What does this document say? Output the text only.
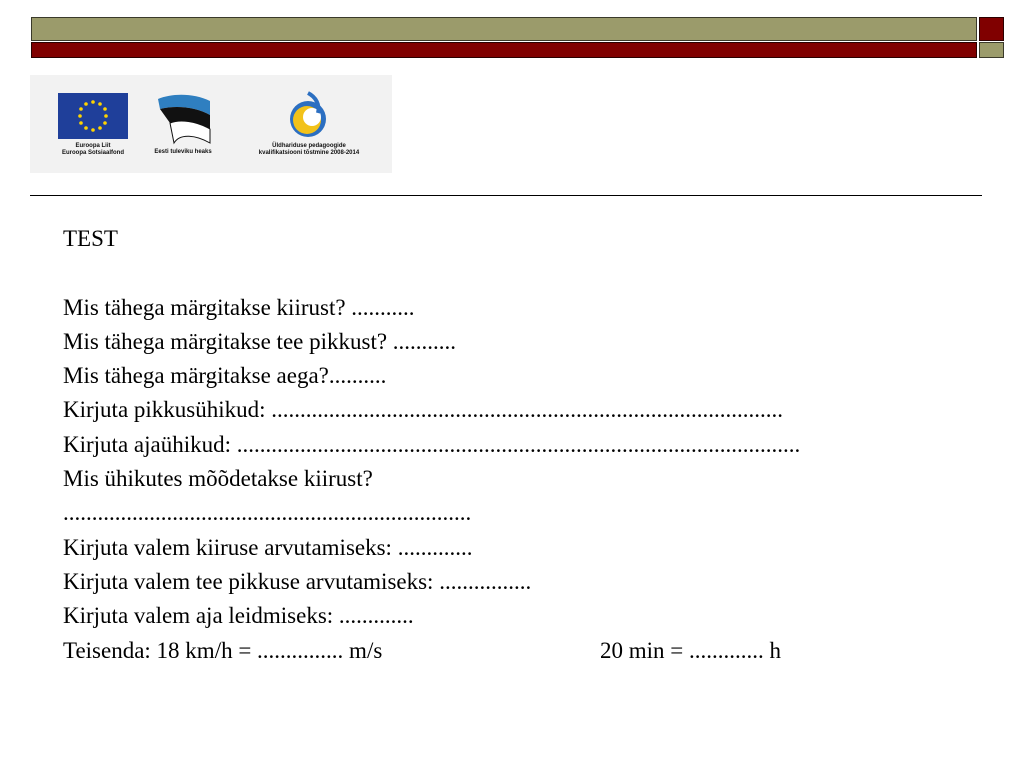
Euroopa Liit
Euroopa Sotsiaalfond	Eesti tuleviku heaks
Üldhariduse pedagoogide
kvalifikatsiooni tõstmine 2008-2014
TEST
Mis tähega märgitakse kiirust? ...........
Mis tähega märgitakse tee pikkust? ...........
Mis tähega märgitakse aega?..........
Kirjuta pikkusühikud: .........................................................................................
Kirjuta ajaühikud: ..................................................................................................
Mis ühikutes mõõdetakse kiirust?
.......................................................................
Kirjuta valem kiiruse arvutamiseks: .............
Kirjuta valem tee pikkuse arvutamiseks: ................
Kirjuta valem aja leidmiseks: .............
Teisenda: 18 km/h = ............... m/s	20 min = ............. h
